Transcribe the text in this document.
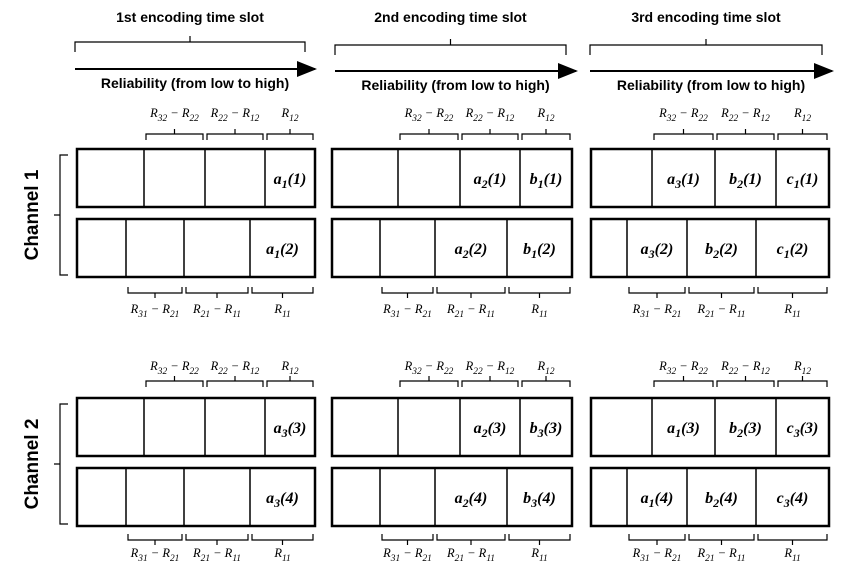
1st encoding time slot
Reliability (from low to high)
2nd encoding time slot
Reliability (from low to high)
3rd encoding time slot
Reliability (from low to high)
Channel 1
Channel 2
$R_{32} - R_{22}$ $R_{22} - R_{12}$ $R_{12}$
$a_1(1)$
$a_1(2)$
$R_{31} - R_{21}$ $R_{21} - R_{11}$	$R_{11}$
$R_{32} - R_{22}$ $R_{22} - R_{12}$ $R_{12}$
$a_3(3)$
$a_3(4)$
$R_{31} - R_{21}$ $R_{21} - R_{11}$	$R_{11}$
$R_{32} - R_{22}$ $R_{22} - R_{12}$ $R_{12}$
$a_2(1)$ $b_1(1)$
$a_2(2)$ $b_1(2)$
$R_{31} - R_{21}$ $R_{21} - R_{11}$	$R_{11}$
$R_{32} - R_{22}$ $R_{22} - R_{12}$ $R_{12}$
$a_2(3)$ $b_3(3)$
$a_2(4)$ $b_3(4)$
$R_{31} - R_{21}$ $R_{21} - R_{11}$	$R_{11}$
$R_{32} - R_{22}$ $R_{22} - R_{12}$ $R_{12}$
$a_3(1)$ $b_2(1)$ $c_1(1)$
$a_3(2)$ $b_2(2)$ $c_1(2)$
$R_{31} - R_{21}$ $R_{21} - R_{11}$	$R_{11}$
$R_{32} - R_{22}$ $R_{22} - R_{12}$ $R_{12}$
$a_1(3)$ $b_2(3)$ $c_3(3)$
$a_1(4)$ $b_2(4)$ $c_3(4)$
$R_{31} - R_{21}$ $R_{21} - R_{11}$	$R_{11}$
